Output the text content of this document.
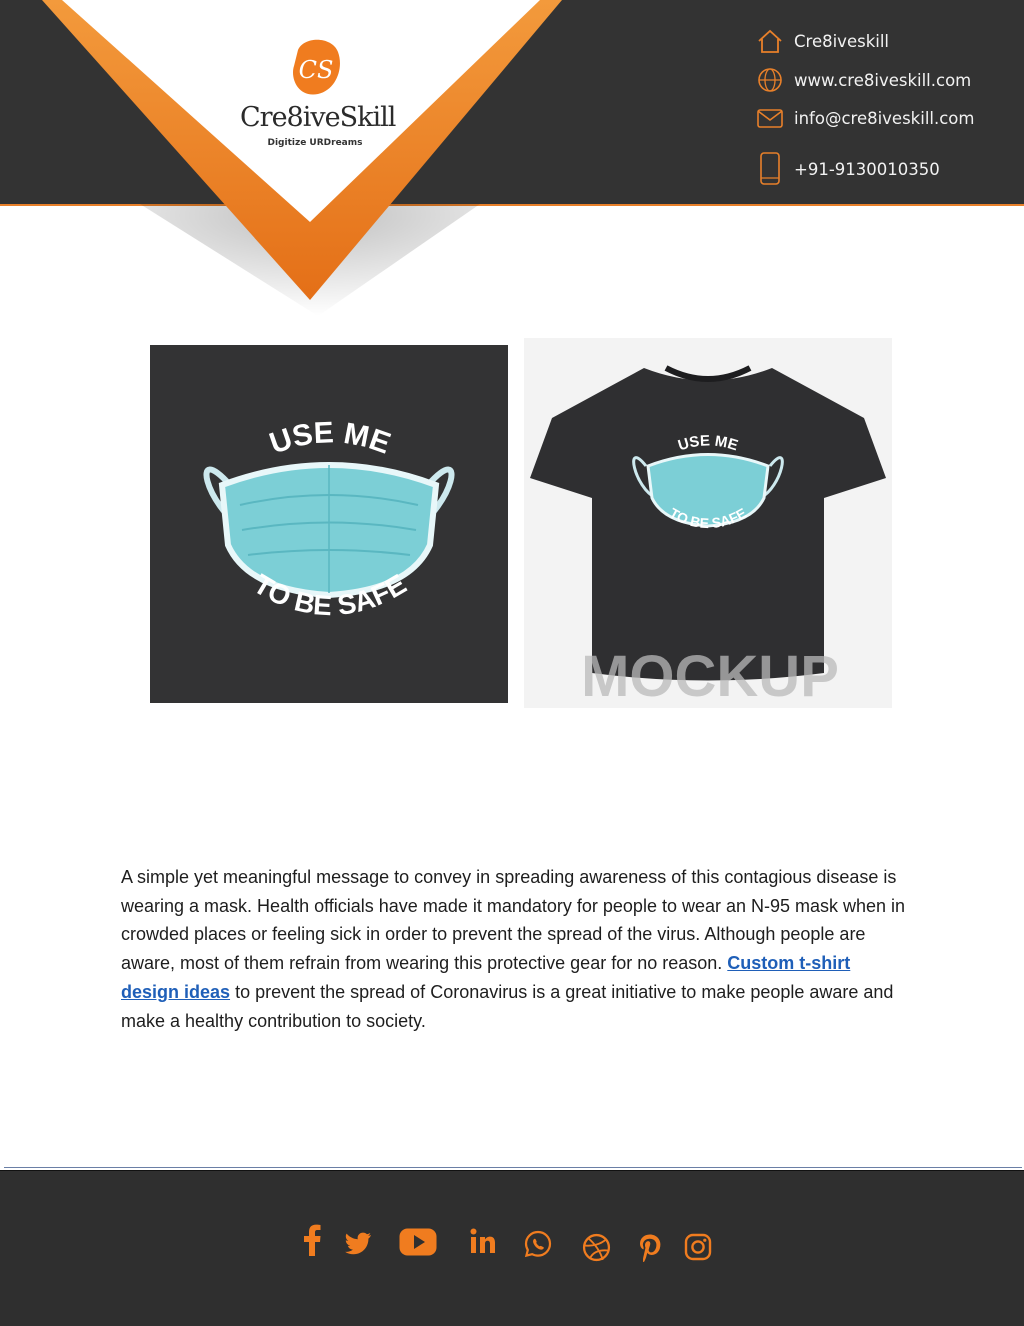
CS
Cre8iveSkill
Digitize URDreams
Cre8iveskill
www.cre8iveskill.com
info@cre8iveskill.com
+91-9130010350
USE ME
TO BE SAFE
USE ME
TO BE SAFE
MOCKUP

A simple yet meaningful message to convey in spreading awareness of this contagious disease is wearing a mask. Health officials have made it mandatory for people to wear an N-95 mask when in crowded places or feeling sick in order to prevent the spread of the virus. Although people are aware, most of them refrain from wearing this protective gear for no reason. Custom t-shirt design ideas to prevent the spread of Coronavirus is a great initiative to make people aware and make a healthy contribution to society.
